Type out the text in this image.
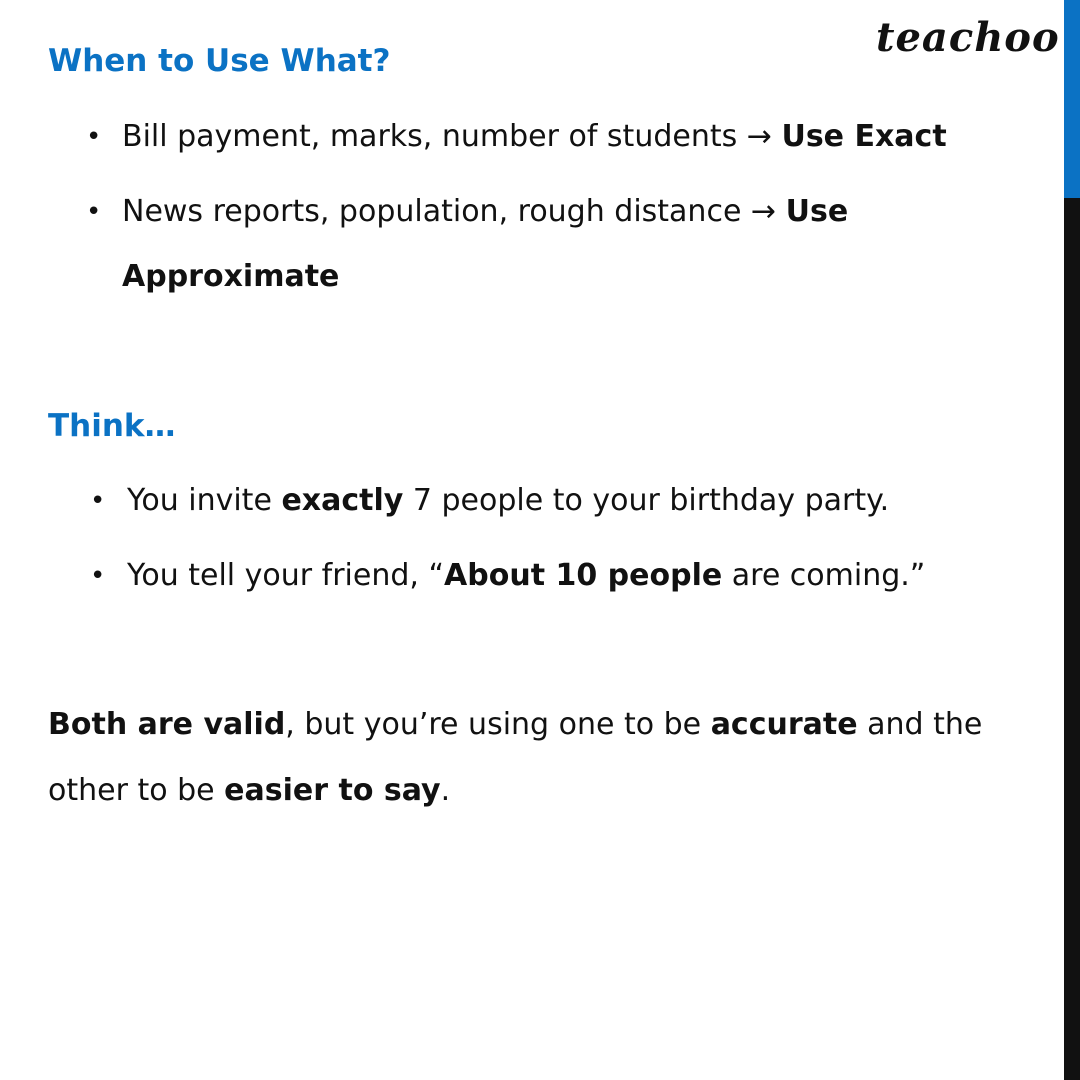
teachoo
When to Use What?
• Bill payment, marks, number of students → Use Exact
• News reports, population, rough distance → Use
Approximate
Think…
• You invite exactly 7 people to your birthday party.
• You tell your friend, “About 10 people are coming.”
Both are valid, but you’re using one to be accurate and the other to be easier to say.
